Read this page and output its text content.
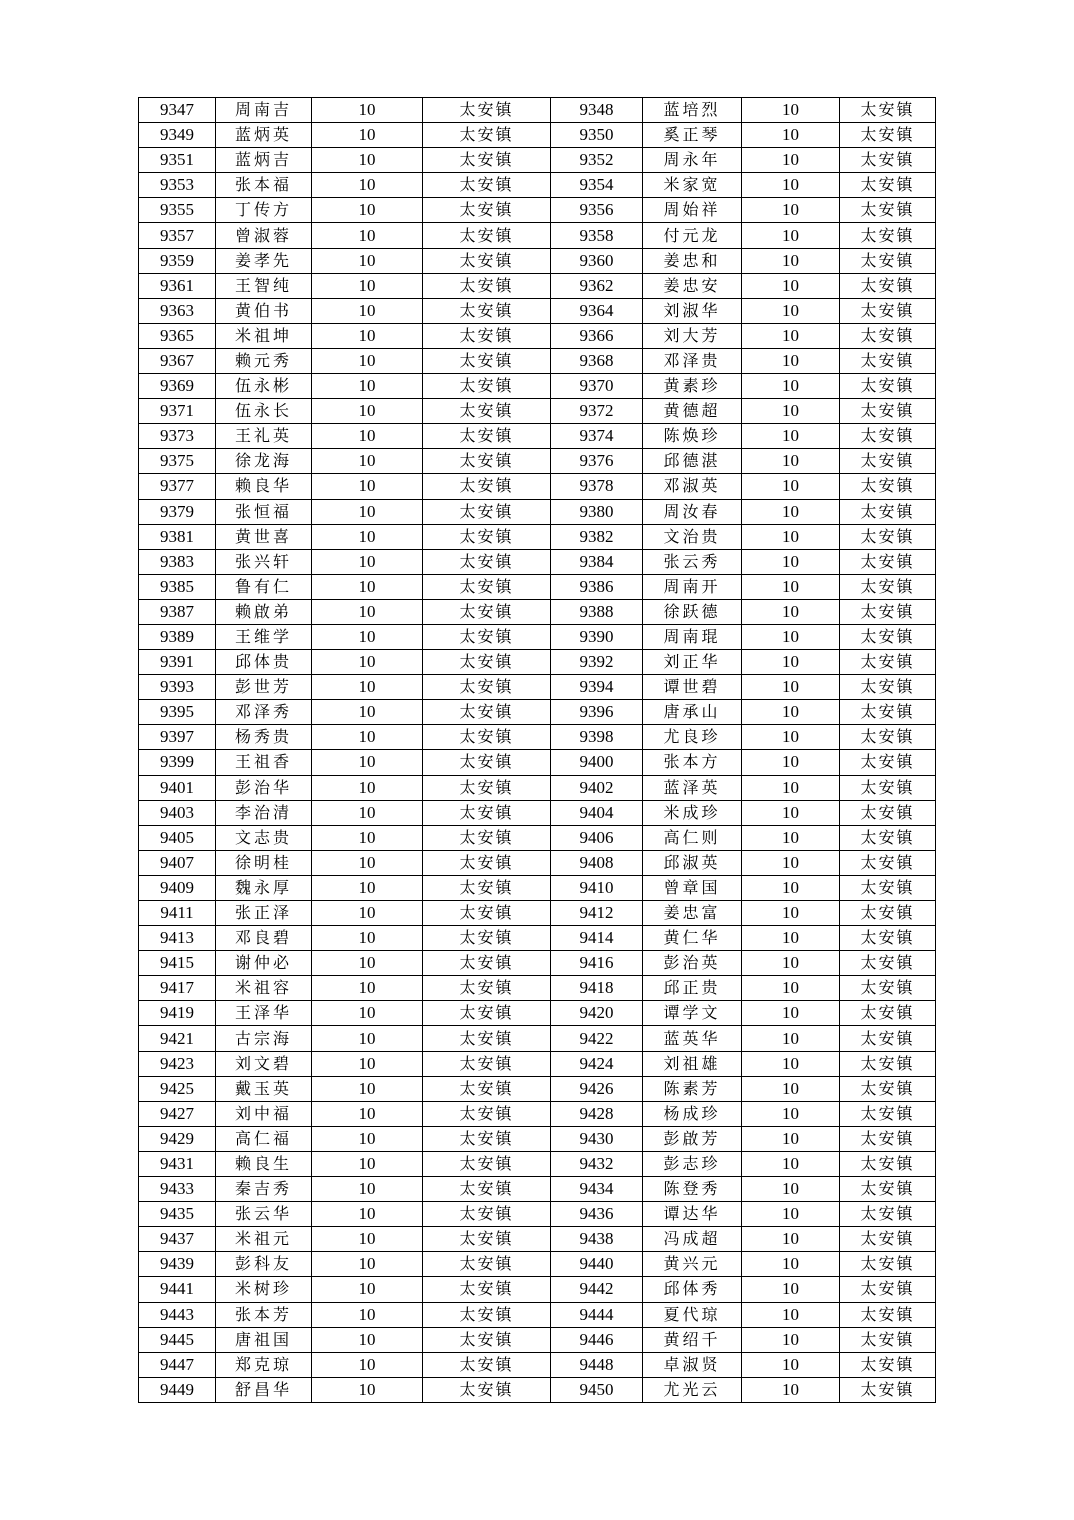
9347	周南吉	10	太安镇	9348	蓝培烈	10	太安镇
9349	蓝炳英	10	太安镇	9350	奚正琴	10	太安镇
9351	蓝炳吉	10	太安镇	9352	周永年	10	太安镇
9353	张本福	10	太安镇	9354	米家宽	10	太安镇
9355	丁传方	10	太安镇	9356	周始祥	10	太安镇
9357	曾淑蓉	10	太安镇	9358	付元龙	10	太安镇
9359	姜孝先	10	太安镇	9360	姜忠和	10	太安镇
9361	王智纯	10	太安镇	9362	姜忠安	10	太安镇
9363	黄伯书	10	太安镇	9364	刘淑华	10	太安镇
9365	米祖坤	10	太安镇	9366	刘大芳	10	太安镇
9367	赖元秀	10	太安镇	9368	邓泽贵	10	太安镇
9369	伍永彬	10	太安镇	9370	黄素珍	10	太安镇
9371	伍永长	10	太安镇	9372	黄德超	10	太安镇
9373	王礼英	10	太安镇	9374	陈焕珍	10	太安镇
9375	徐龙海	10	太安镇	9376	邱德湛	10	太安镇
9377	赖良华	10	太安镇	9378	邓淑英	10	太安镇
9379	张恒福	10	太安镇	9380	周汝春	10	太安镇
9381	黄世喜	10	太安镇	9382	文治贵	10	太安镇
9383	张兴轩	10	太安镇	9384	张云秀	10	太安镇
9385	鲁有仁	10	太安镇	9386	周南开	10	太安镇
9387	赖啟弟	10	太安镇	9388	徐跃德	10	太安镇
9389	王维学	10	太安镇	9390	周南琨	10	太安镇
9391	邱体贵	10	太安镇	9392	刘正华	10	太安镇
9393	彭世芳	10	太安镇	9394	谭世碧	10	太安镇
9395	邓泽秀	10	太安镇	9396	唐承山	10	太安镇
9397	杨秀贵	10	太安镇	9398	尤良珍	10	太安镇
9399	王祖香	10	太安镇	9400	张本方	10	太安镇
9401	彭治华	10	太安镇	9402	蓝泽英	10	太安镇
9403	李治清	10	太安镇	9404	米成珍	10	太安镇
9405	文志贵	10	太安镇	9406	高仁则	10	太安镇
9407	徐明桂	10	太安镇	9408	邱淑英	10	太安镇
9409	魏永厚	10	太安镇	9410	曾章国	10	太安镇
9411	张正泽	10	太安镇	9412	姜忠富	10	太安镇
9413	邓良碧	10	太安镇	9414	黄仁华	10	太安镇
9415	谢仲必	10	太安镇	9416	彭治英	10	太安镇
9417	米祖容	10	太安镇	9418	邱正贵	10	太安镇
9419	王泽华	10	太安镇	9420	谭学文	10	太安镇
9421	古宗海	10	太安镇	9422	蓝英华	10	太安镇
9423	刘文碧	10	太安镇	9424	刘祖雄	10	太安镇
9425	戴玉英	10	太安镇	9426	陈素芳	10	太安镇
9427	刘中福	10	太安镇	9428	杨成珍	10	太安镇
9429	高仁福	10	太安镇	9430	彭啟芳	10	太安镇
9431	赖良生	10	太安镇	9432	彭志珍	10	太安镇
9433	秦吉秀	10	太安镇	9434	陈登秀	10	太安镇
9435	张云华	10	太安镇	9436	谭达华	10	太安镇
9437	米祖元	10	太安镇	9438	冯成超	10	太安镇
9439	彭科友	10	太安镇	9440	黄兴元	10	太安镇
9441	米树珍	10	太安镇	9442	邱体秀	10	太安镇
9443	张本芳	10	太安镇	9444	夏代琼	10	太安镇
9445	唐祖国	10	太安镇	9446	黄绍千	10	太安镇
9447	郑克琼	10	太安镇	9448	卓淑贤	10	太安镇
9449	舒昌华	10	太安镇	9450	尤光云	10	太安镇
